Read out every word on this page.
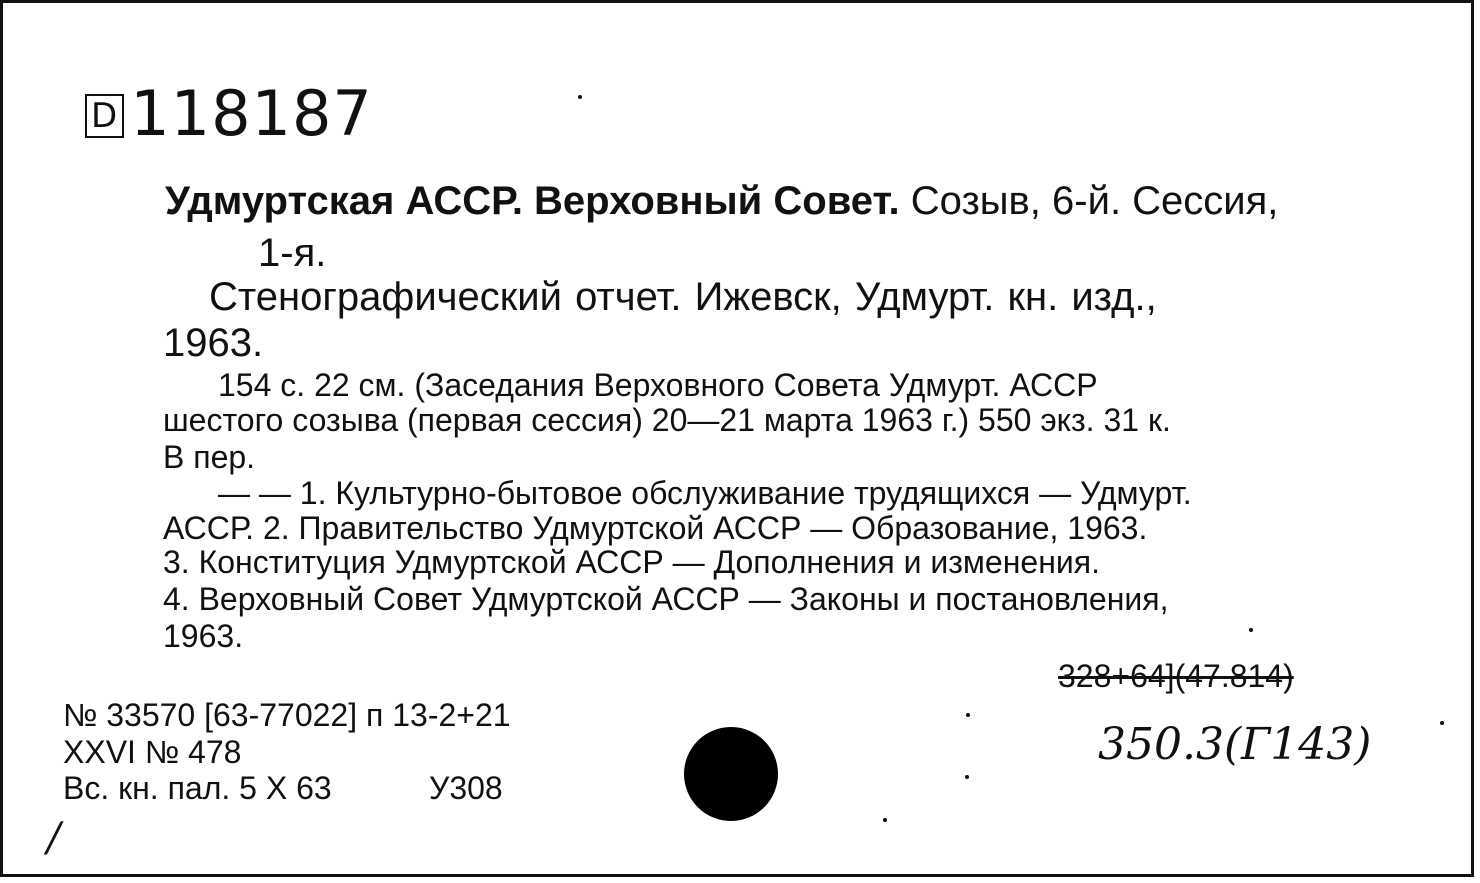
D 118187
Удмуртская АССР. Верховный Совет. Созыв, 6-й. Сессия,
1-я.
Стенографический отчет. Ижевск, Удмурт. кн. изд.,
1963.
154 с. 22 см. (Заседания Верховного Совета Удмурт. АССР
шестого созыва (первая сессия) 20—21 марта 1963 г.) 550 экз. 31 к.
В пер.
— — 1. Культурно-бытовое обслуживание трудящихся — Удмурт.
АССР. 2. Правительство Удмуртской АССР — Образование, 1963.
3. Конституция Удмуртской АССР — Дополнения и изменения.
4. Верховный Совет Удмуртской АССР — Законы и постановления,
1963.
328+64](47.814)
350.3(Г143)
№ 33570 [63-77022] п 13-2+21
XXVI № 478
Вс. кн. пал. 5 X 63	У308
/
